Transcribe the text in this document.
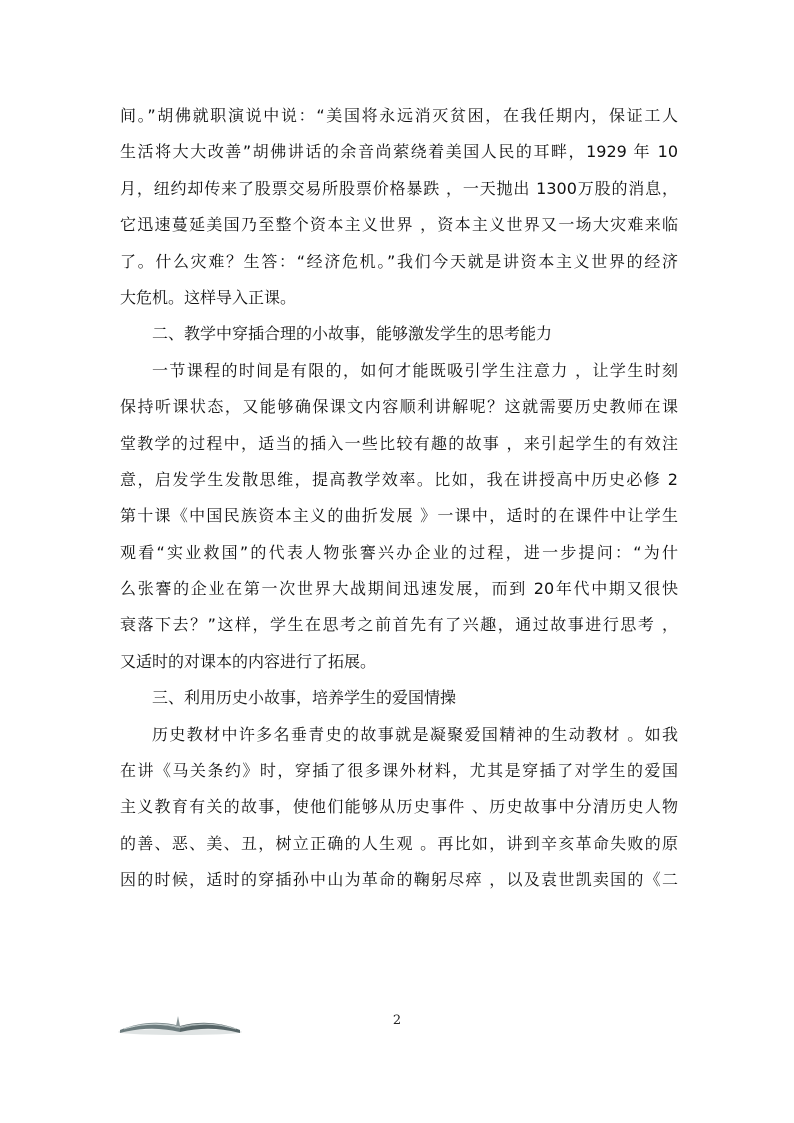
间。”胡佛就职演说中说：“美国将永远消灭贫困，在我任期内，保证工人
生活将大大改善”胡佛讲话的余音尚萦绕着美国人民的耳畔，1929 年 10
月，纽约却传来了股票交易所股票价格暴跌 ，一天抛出 1300万股的消息，
它迅速蔓延美国乃至整个资本主义世界 ，资本主义世界又一场大灾难来临
了。什么灾难？生答：“经济危机。”我们今天就是讲资本主义世界的经济
大危机。这样导入正课。
二、教学中穿插合理的小故事，能够激发学生的思考能力
一节课程的时间是有限的，如何才能既吸引学生注意力 ，让学生时刻
保持听课状态，又能够确保课文内容顺利讲解呢？这就需要历史教师在课
堂教学的过程中，适当的插入一些比较有趣的故事 ，来引起学生的有效注
意，启发学生发散思维，提高教学效率。比如，我在讲授高中历史必修 2
第十课《中国民族资本主义的曲折发展 》一课中，适时的在课件中让学生
观看“实业救国”的代表人物张謇兴办企业的过程，进一步提问：“为什
么张謇的企业在第一次世界大战期间迅速发展，而到 20年代中期又很快
衰落下去？”这样，学生在思考之前首先有了兴趣，通过故事进行思考 ，
又适时的对课本的内容进行了拓展。
三、利用历史小故事，培养学生的爱国情操
历史教材中许多名垂青史的故事就是凝聚爱国精神的生动教材 。如我
在讲《马关条约》时，穿插了很多课外材料，尤其是穿插了对学生的爱国
主义教育有关的故事，使他们能够从历史事件 、历史故事中分清历史人物
的善、恶、美、丑，树立正确的人生观 。再比如，讲到辛亥革命失败的原
因的时候，适时的穿插孙中山为革命的鞠躬尽瘁 ，以及袁世凯卖国的《二
2
